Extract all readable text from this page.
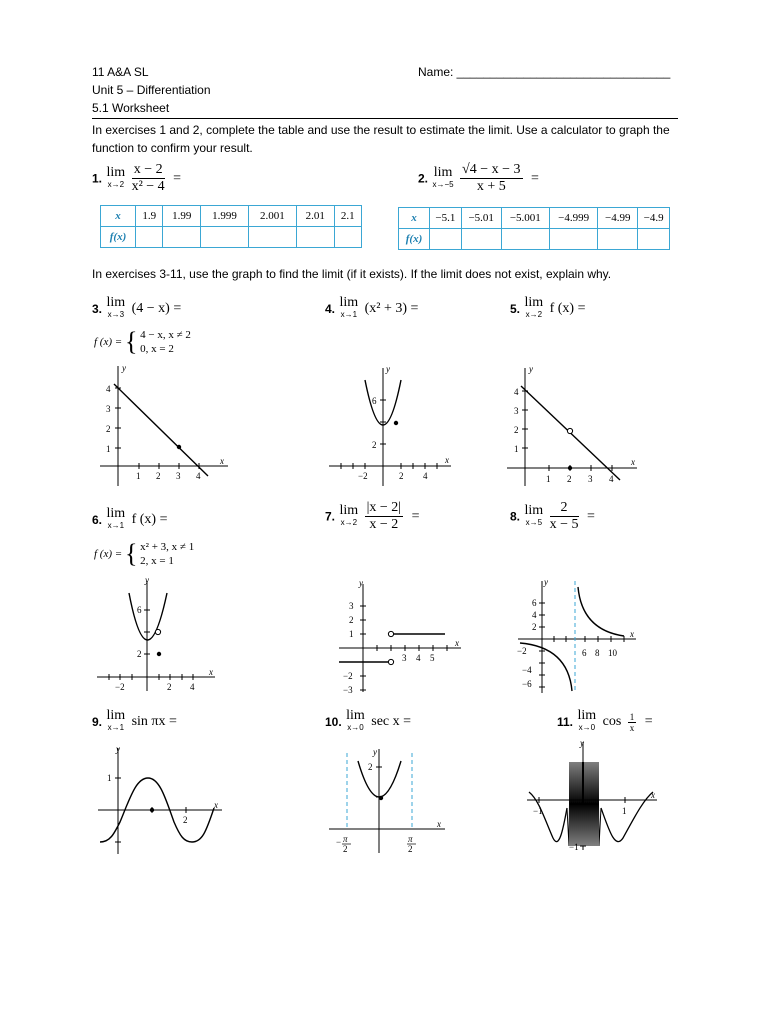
11 A&A SL	Name: ________________________________
Unit 5 – Differentiation
5.1 Worksheet
In exercises 1 and 2, complete the table and use the result to estimate the limit. Use a calculator to graph the function to confirm your result.
1. lim
x→2
$\frac{x - 2}{\text{x² − 4}}$ =
x	1.9	1.99	1.999	2.001	2.01	2.1
f(x)						
2. lim
x→−5
$\frac{√4 - x - 3}{x + 5}$ =
x	−5.1	−5.01	−5.001	−4.999	−4.99	−4.9
f(x)						
In exercises 3-11, use the graph to find the limit (if it exists). If the limit does not exist, explain why.
3. lim
x→3 (4 − x) =
f (x) = { 4 − x, x ≠ 2
0, x = 2
4. lim
x→1 (x² + 3) =	5. lim
x→2 f (x) =
y
x
4
3
2
1
1 2 3 4
y
x
6
2
−2	2 4
y
x
4
3
2
1
1 2 3 4
6. lim
x→1 f (x) =
f (x) = { x² + 3, x ≠ 1
2, x = 1
7. lim
x→2
$\frac{|x - 2|}{x - 2}$ =	8. lim
x→5
$\frac{2}{x - 5}$ =
y
x
6
2
−2	2 4
y
x
3
2
1
−2
−3
3 4 5
y
x
6
4
2
−2
−4
−6
6 8 10
9. lim
x→1 sin πx =	10. lim
x→0 sec x =	11. lim
x→0 $\cos \frac{1}{x}$ =
y
x
1
2
y
x
2
− π
2
π
2
y
x
−1	1
−1
